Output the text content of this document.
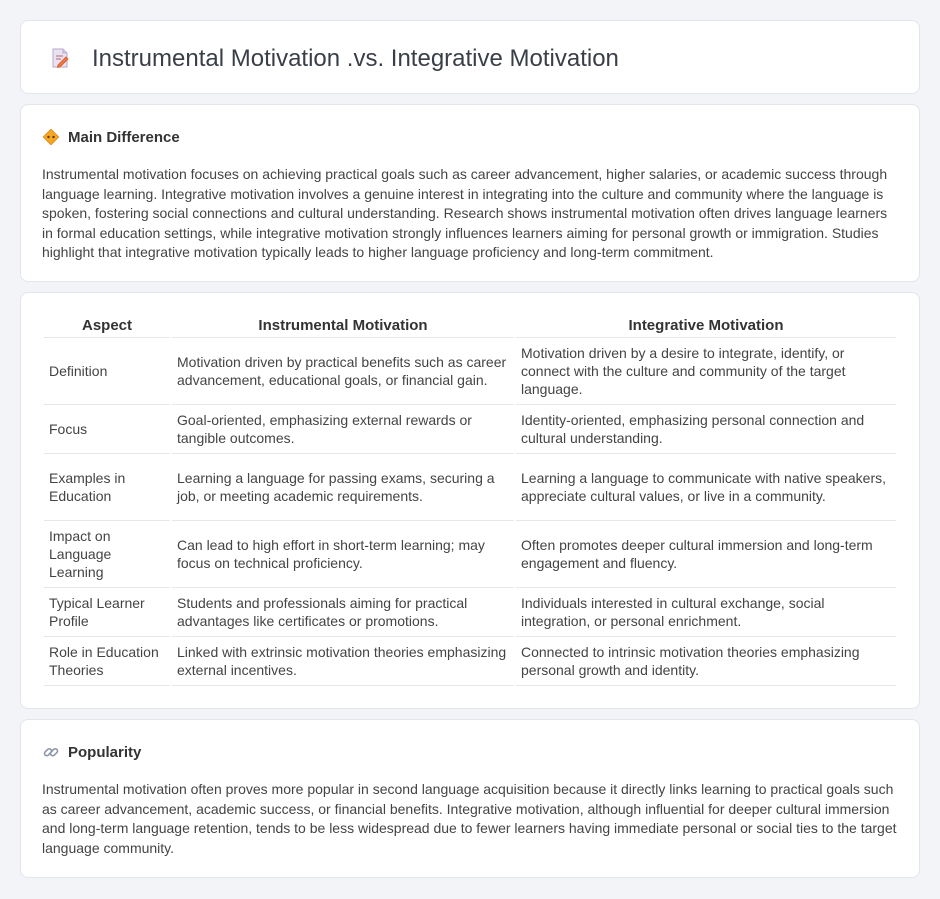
Instrumental Motivation .vs. Integrative Motivation
Main Difference

Instrumental motivation focuses on achieving practical goals such as career advancement, higher salaries, or academic success through language learning. Integrative motivation involves a genuine interest in integrating into the culture and community where the language is spoken, fostering social connections and cultural understanding. Research shows instrumental motivation often drives language learners in formal education settings, while integrative motivation strongly influences learners aiming for personal growth or immigration. Studies highlight that integrative motivation typically leads to higher language proficiency and long-term commitment.

Aspect	Instrumental Motivation	Integrative Motivation
Definition	Motivation driven by practical benefits such as career advancement, educational goals, or financial gain.	Motivation driven by a desire to integrate, identify, or connect with the culture and community of the target language.
Focus	Goal-oriented, emphasizing external rewards or tangible outcomes.	Identity-oriented, emphasizing personal connection and cultural understanding.
Examples in Education	Learning a language for passing exams, securing a job, or meeting academic requirements.	Learning a language to communicate with native speakers, appreciate cultural values, or live in a community.
Impact on Language Learning	Can lead to high effort in short-term learning; may focus on technical proficiency.	Often promotes deeper cultural immersion and long-term engagement and fluency.
Typical Learner Profile	Students and professionals aiming for practical advantages like certificates or promotions.	Individuals interested in cultural exchange, social integration, or personal enrichment.
Role in Education Theories	Linked with extrinsic motivation theories emphasizing external incentives.	Connected to intrinsic motivation theories emphasizing personal growth and identity.
Popularity

Instrumental motivation often proves more popular in second language acquisition because it directly links learning to practical goals such as career advancement, academic success, or financial benefits. Integrative motivation, although influential for deeper cultural immersion and long-term language retention, tends to be less widespread due to fewer learners having immediate personal or social ties to the target language community.
